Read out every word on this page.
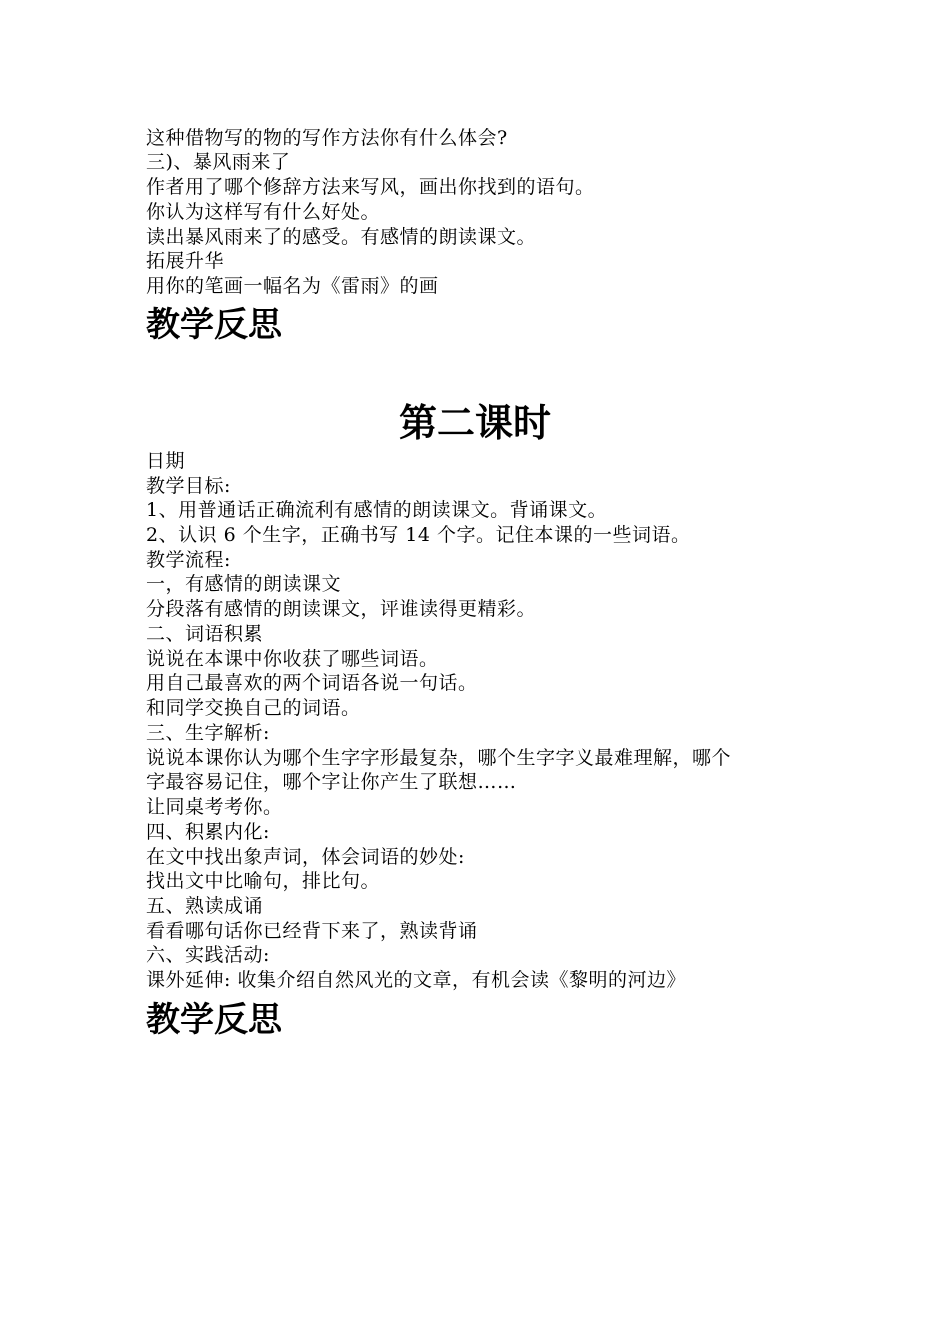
这种借物写的物的写作方法你有什么体会?
三)、暴风雨来了
作者用了哪个修辞方法来写风，画出你找到的语句。
你认为这样写有什么好处。
读出暴风雨来了的感受。有感情的朗读课文。
拓展升华
用你的笔画一幅名为《雷雨》的画
教学反思
第二课时
日期
教学目标:
1、用普通话正确流利有感情的朗读课文。背诵课文。
2、认识 6 个生字，正确书写 14 个字。记住本课的一些词语。
教学流程:
一，有感情的朗读课文
分段落有感情的朗读课文，评谁读得更精彩。
二、词语积累
说说在本课中你收获了哪些词语。
用自己最喜欢的两个词语各说一句话。
和同学交换自己的词语。
三、生字解析:
说说本课你认为哪个生字字形最复杂，哪个生字字义最难理解，哪个
字最容易记住，哪个字让你产生了联想……
让同桌考考你。
四、积累内化:
在文中找出象声词，体会词语的妙处:
找出文中比喻句，排比句。
五、熟读成诵
看看哪句话你已经背下来了，熟读背诵
六、实践活动:
课外延伸: 收集介绍自然风光的文章，有机会读《黎明的河边》
教学反思
